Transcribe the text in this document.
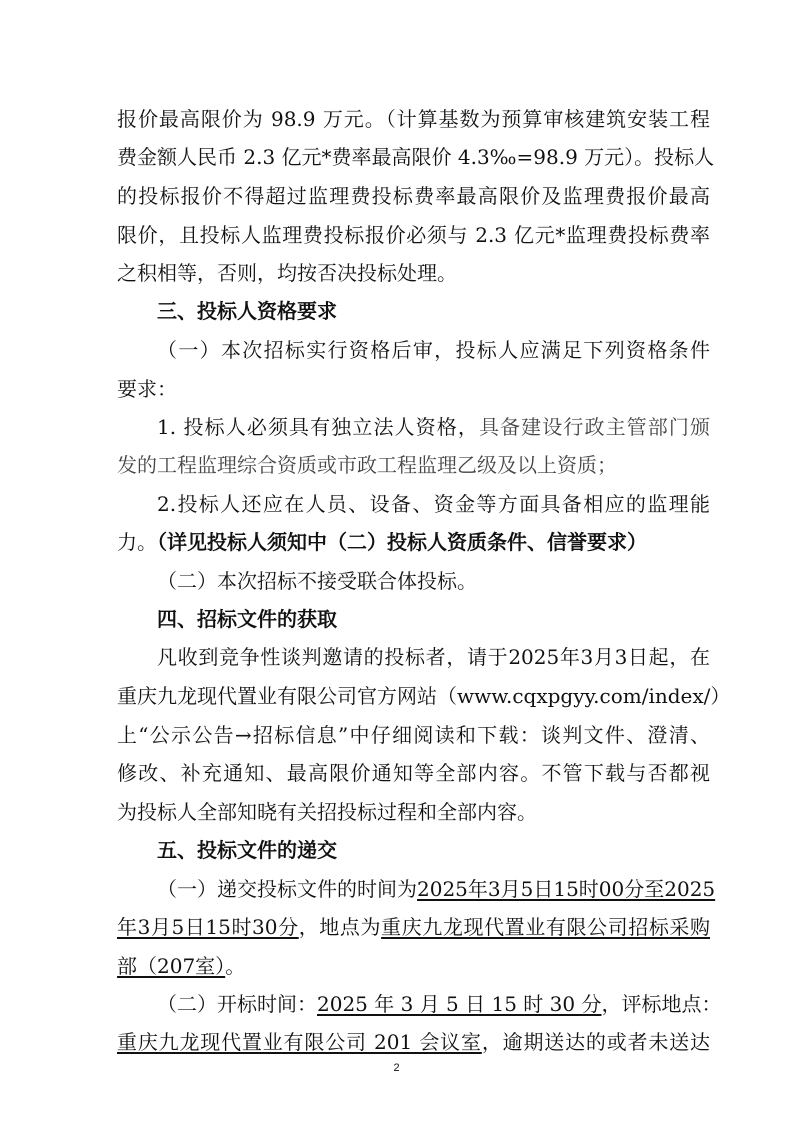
报价最高限价为 98.9 万元。（计算基数为预算审核建筑安装工程
费金额人民币 2.3 亿元*费率最高限价 4.3‰=98.9 万元）。投标人
的投标报价不得超过监理费投标费率最高限价及监理费报价最高
限价，且投标人监理费投标报价必须与 2.3 亿元*监理费投标费率
之积相等，否则，均按否决投标处理。
三、投标人资格要求
（一）本次招标实行资格后审，投标人应满足下列资格条件
要求：
1. 投标人必须具有独立法人资格，具备建设行政主管部门颁
发的工程监理综合资质或市政工程监理乙级及以上资质；
2.投标人还应在人员、设备、资金等方面具备相应的监理能
力。（详见投标人须知中（二）投标人资质条件、信誉要求）
（二）本次招标不接受联合体投标。
四、招标文件的获取
凡收到竞争性谈判邀请的投标者，请于2025年3月3日起，在
重庆九龙现代置业有限公司官方网站（www.cqxpgyy.com/index/）
上“公示公告→招标信息”中仔细阅读和下载：谈判文件、澄清、
修改、补充通知、最高限价通知等全部内容。不管下载与否都视
为投标人全部知晓有关招投标过程和全部内容。
五、投标文件的递交
（一）递交投标文件的时间为2025年3月5日15时00分至2025
年3月5日15时30分，地点为重庆九龙现代置业有限公司招标采购
部（207室）。
（二）开标时间：2025 年 3 月 5 日 15 时 30 分，评标地点：
重庆九龙现代置业有限公司 201 会议室，逾期送达的或者未送达
2
